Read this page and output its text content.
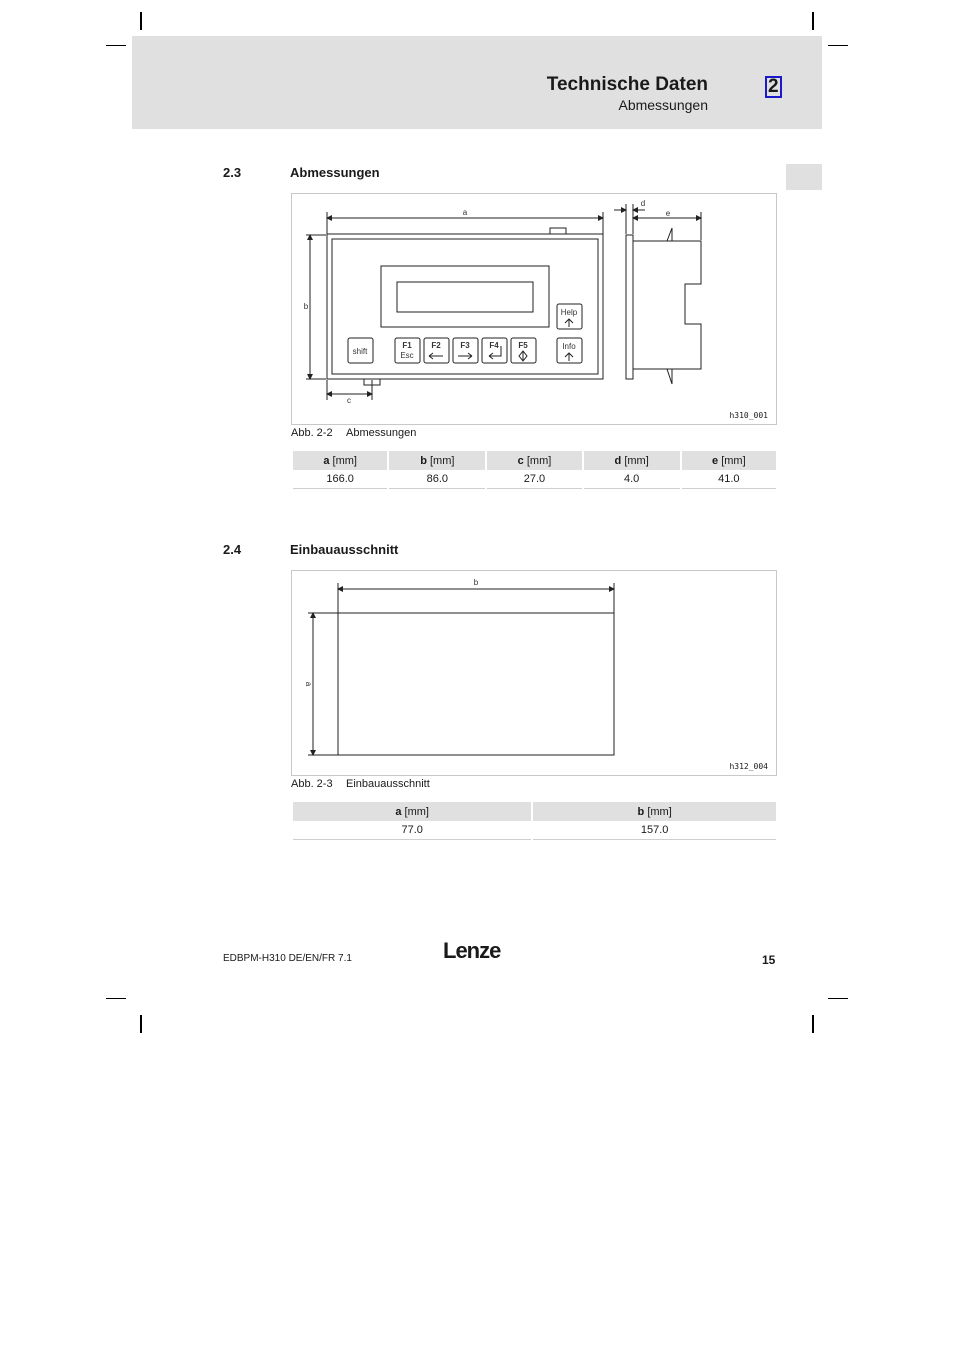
Technische Daten
Abmessungen
2
2.3	Abmessungen
a
b
c
d
e
shift
F1
Esc
F2 F3 F4 F5
Help
Info
h310_001
Abb. 2-2 Abmessungen
a [mm]	b [mm]	c [mm]	d [mm]	e [mm]
166.0	86.0	27.0	4.0	41.0
2.4	Einbauausschnitt
b
a
h312_004
Abb. 2-3 Einbauausschnitt
a [mm]	b [mm]
77.0	157.0
EDBPM-H310 DE/EN/FR 7.1	Lenze	15
